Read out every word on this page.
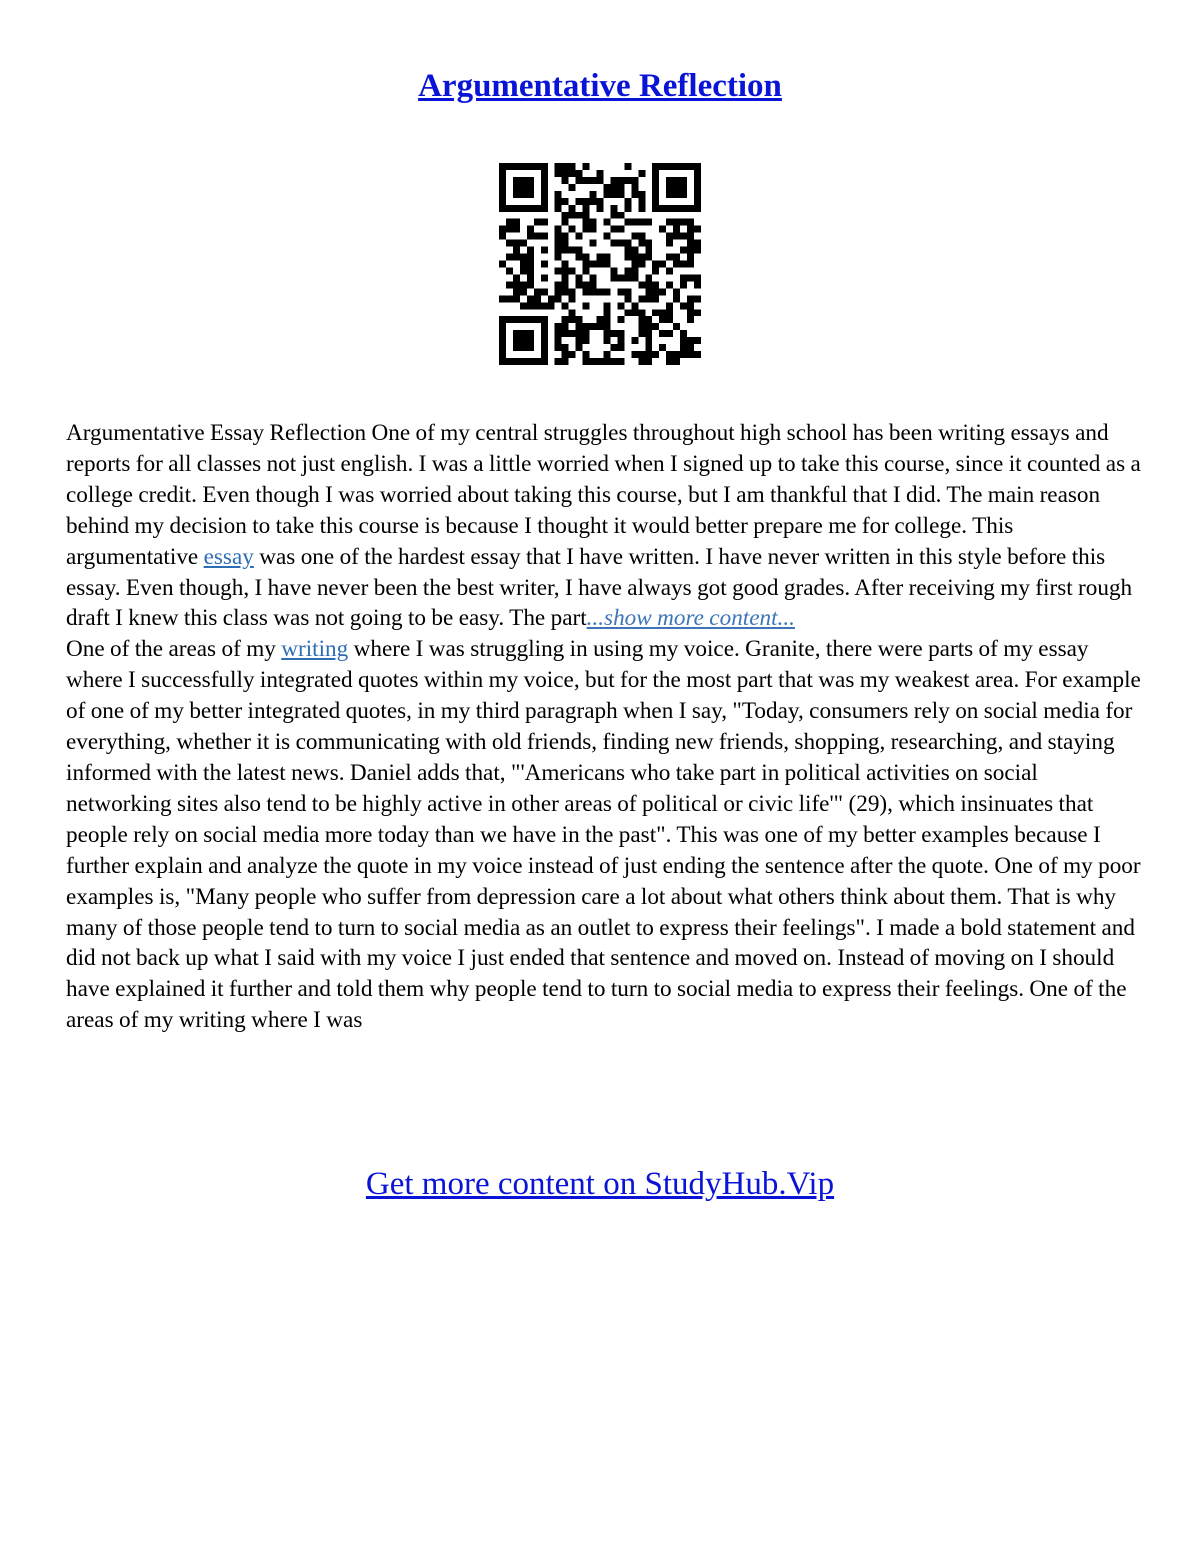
Argumentative Reflection

Argumentative Essay Reflection One of my central struggles throughout high school has been writing essays and reports for all classes not just english. I was a little worried when I signed up to take this course, since it counted as a college credit. Even though I was worried about taking this course, but I am thankful that I did. The main reason behind my decision to take this course is because I thought it would better prepare me for college. This argumentative essay was one of the hardest essay that I have written. I have never written in this style before this essay. Even though, I have never been the best writer, I have always got good grades. After receiving my first rough draft I knew this class was not going to be easy. The part...show more content...

One of the areas of my writing where I was struggling in using my voice. Granite, there were parts of my essay where I successfully integrated quotes within my voice, but for the most part that was my weakest area. For example of one of my better integrated quotes, in my third paragraph when I say, "Today, consumers rely on social media for everything, whether it is communicating with old friends, finding new friends, shopping, researching, and staying informed with the latest news. Daniel adds that, "'Americans who take part in political activities on social networking sites also tend to be highly active in other areas of political or civic life'" (29), which insinuates that people rely on social media more today than we have in the past". This was one of my better examples because I further explain and analyze the quote in my voice instead of just ending the sentence after the quote. One of my poor examples is, "Many people who suffer from depression care a lot about what others think about them. That is why many of those people tend to turn to social media as an outlet to express their feelings". I made a bold statement and did not back up what I said with my voice I just ended that sentence and moved on. Instead of moving on I should have explained it further and told them why people tend to turn to social media to express their feelings. One of the areas of my writing where I was

Get more content on StudyHub.Vip
